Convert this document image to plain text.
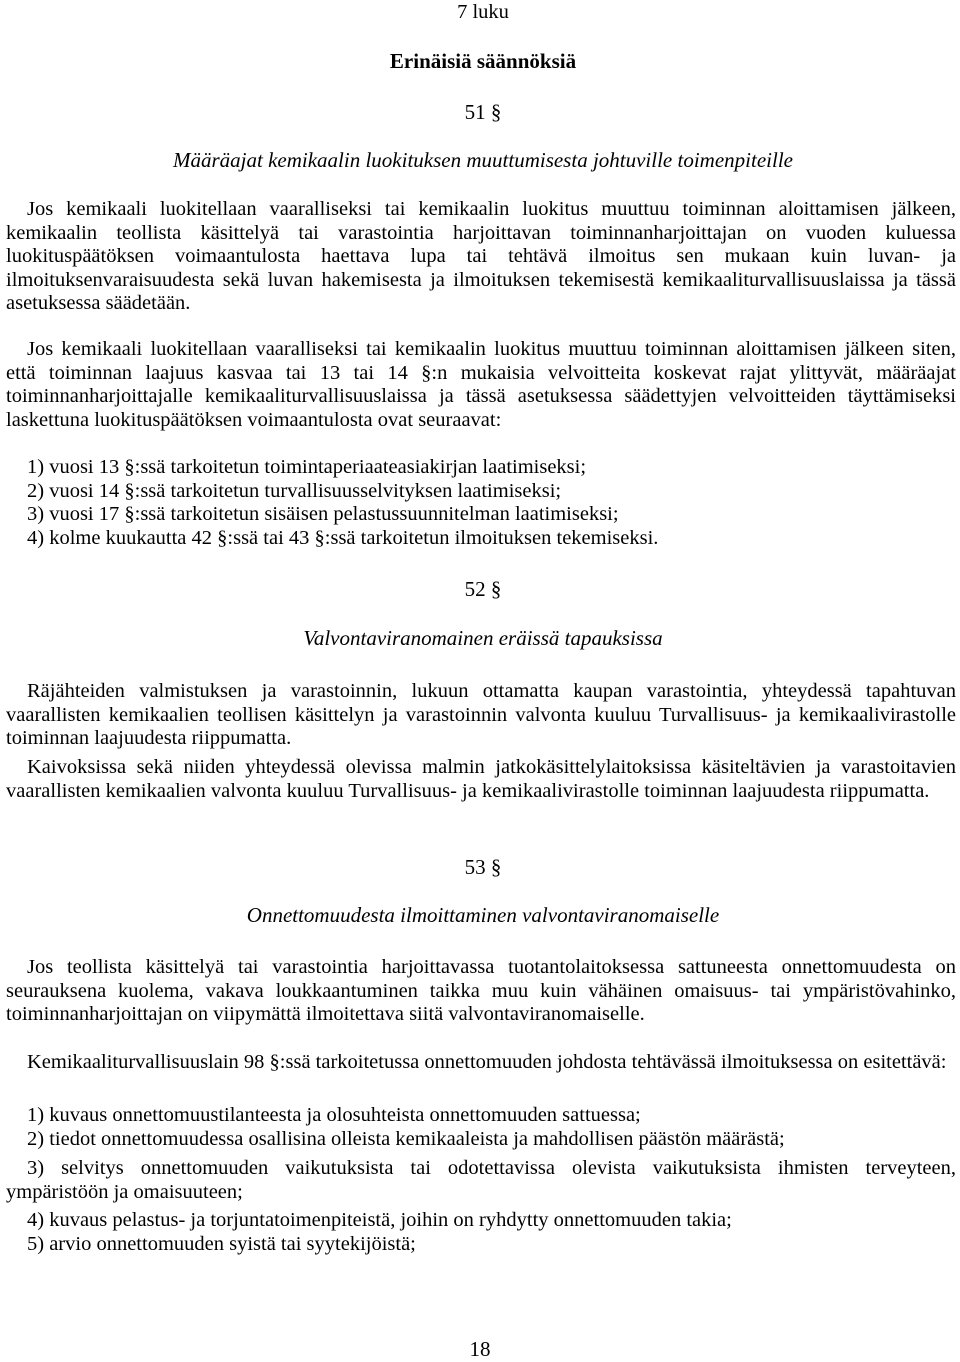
7 luku
Erinäisiä säännöksiä
51 §
Määräajat kemikaalin luokituksen muuttumisesta johtuville toimenpiteille
Jos kemikaali luokitellaan vaaralliseksi tai kemikaalin luokitus muuttuu toiminnan aloittamisen jälkeen, kemikaalin teollista käsittelyä tai varastointia harjoittavan toiminnanharjoittajan on vuoden kuluessa luokituspäätöksen voimaantulosta haettava lupa tai tehtävä ilmoitus sen mukaan kuin luvan- ja ilmoituksenvaraisuudesta sekä luvan hakemisesta ja ilmoituksen tekemisestä kemikaaliturvallisuuslaissa ja tässä asetuksessa säädetään.
Jos kemikaali luokitellaan vaaralliseksi tai kemikaalin luokitus muuttuu toiminnan aloittamisen jälkeen siten, että toiminnan laajuus kasvaa tai 13 tai 14 §:n mukaisia velvoitteita koskevat rajat ylittyvät, määräajat toiminnanharjoittajalle kemikaaliturvallisuuslaissa ja tässä asetuksessa säädettyjen velvoitteiden täyttämiseksi laskettuna luokituspäätöksen voimaantulosta ovat seuraavat:
1) vuosi 13 §:ssä tarkoitetun toimintaperiaateasiakirjan laatimiseksi;
2) vuosi 14 §:ssä tarkoitetun turvallisuusselvityksen laatimiseksi;
3) vuosi 17 §:ssä tarkoitetun sisäisen pelastussuunnitelman laatimiseksi;
4) kolme kuukautta 42 §:ssä tai 43 §:ssä tarkoitetun ilmoituksen tekemiseksi.
52 §
Valvontaviranomainen eräissä tapauksissa
Räjähteiden valmistuksen ja varastoinnin, lukuun ottamatta kaupan varastointia, yhteydessä tapahtuvan vaarallisten kemikaalien teollisen käsittelyn ja varastoinnin valvonta kuuluu Turvallisuus- ja kemikaalivirastolle toiminnan laajuudesta riippumatta.
Kaivoksissa sekä niiden yhteydessä olevissa malmin jatkokäsittelylaitoksissa käsiteltävien ja varastoitavien vaarallisten kemikaalien valvonta kuuluu Turvallisuus- ja kemikaalivirastolle toiminnan laajuudesta riippumatta.
53 §
Onnettomuudesta ilmoittaminen valvontaviranomaiselle
Jos teollista käsittelyä tai varastointia harjoittavassa tuotantolaitoksessa sattuneesta onnettomuudesta on seurauksena kuolema, vakava loukkaantuminen taikka muu kuin vähäinen omaisuus- tai ympäristövahinko, toiminnanharjoittajan on viipymättä ilmoitettava siitä valvontaviranomaiselle.
Kemikaaliturvallisuuslain 98 §:ssä tarkoitetussa onnettomuuden johdosta tehtävässä ilmoituksessa on esitettävä:
1) kuvaus onnettomuustilanteesta ja olosuhteista onnettomuuden sattuessa;
2) tiedot onnettomuudessa osallisina olleista kemikaaleista ja mahdollisen päästön määrästä;
3) selvitys onnettomuuden vaikutuksista tai odotettavissa olevista vaikutuksista ihmisten terveyteen, ympäristöön ja omaisuuteen;
4) kuvaus pelastus- ja torjuntatoimenpiteistä, joihin on ryhdytty onnettomuuden takia;
5) arvio onnettomuuden syistä tai syytekijöistä;
18
